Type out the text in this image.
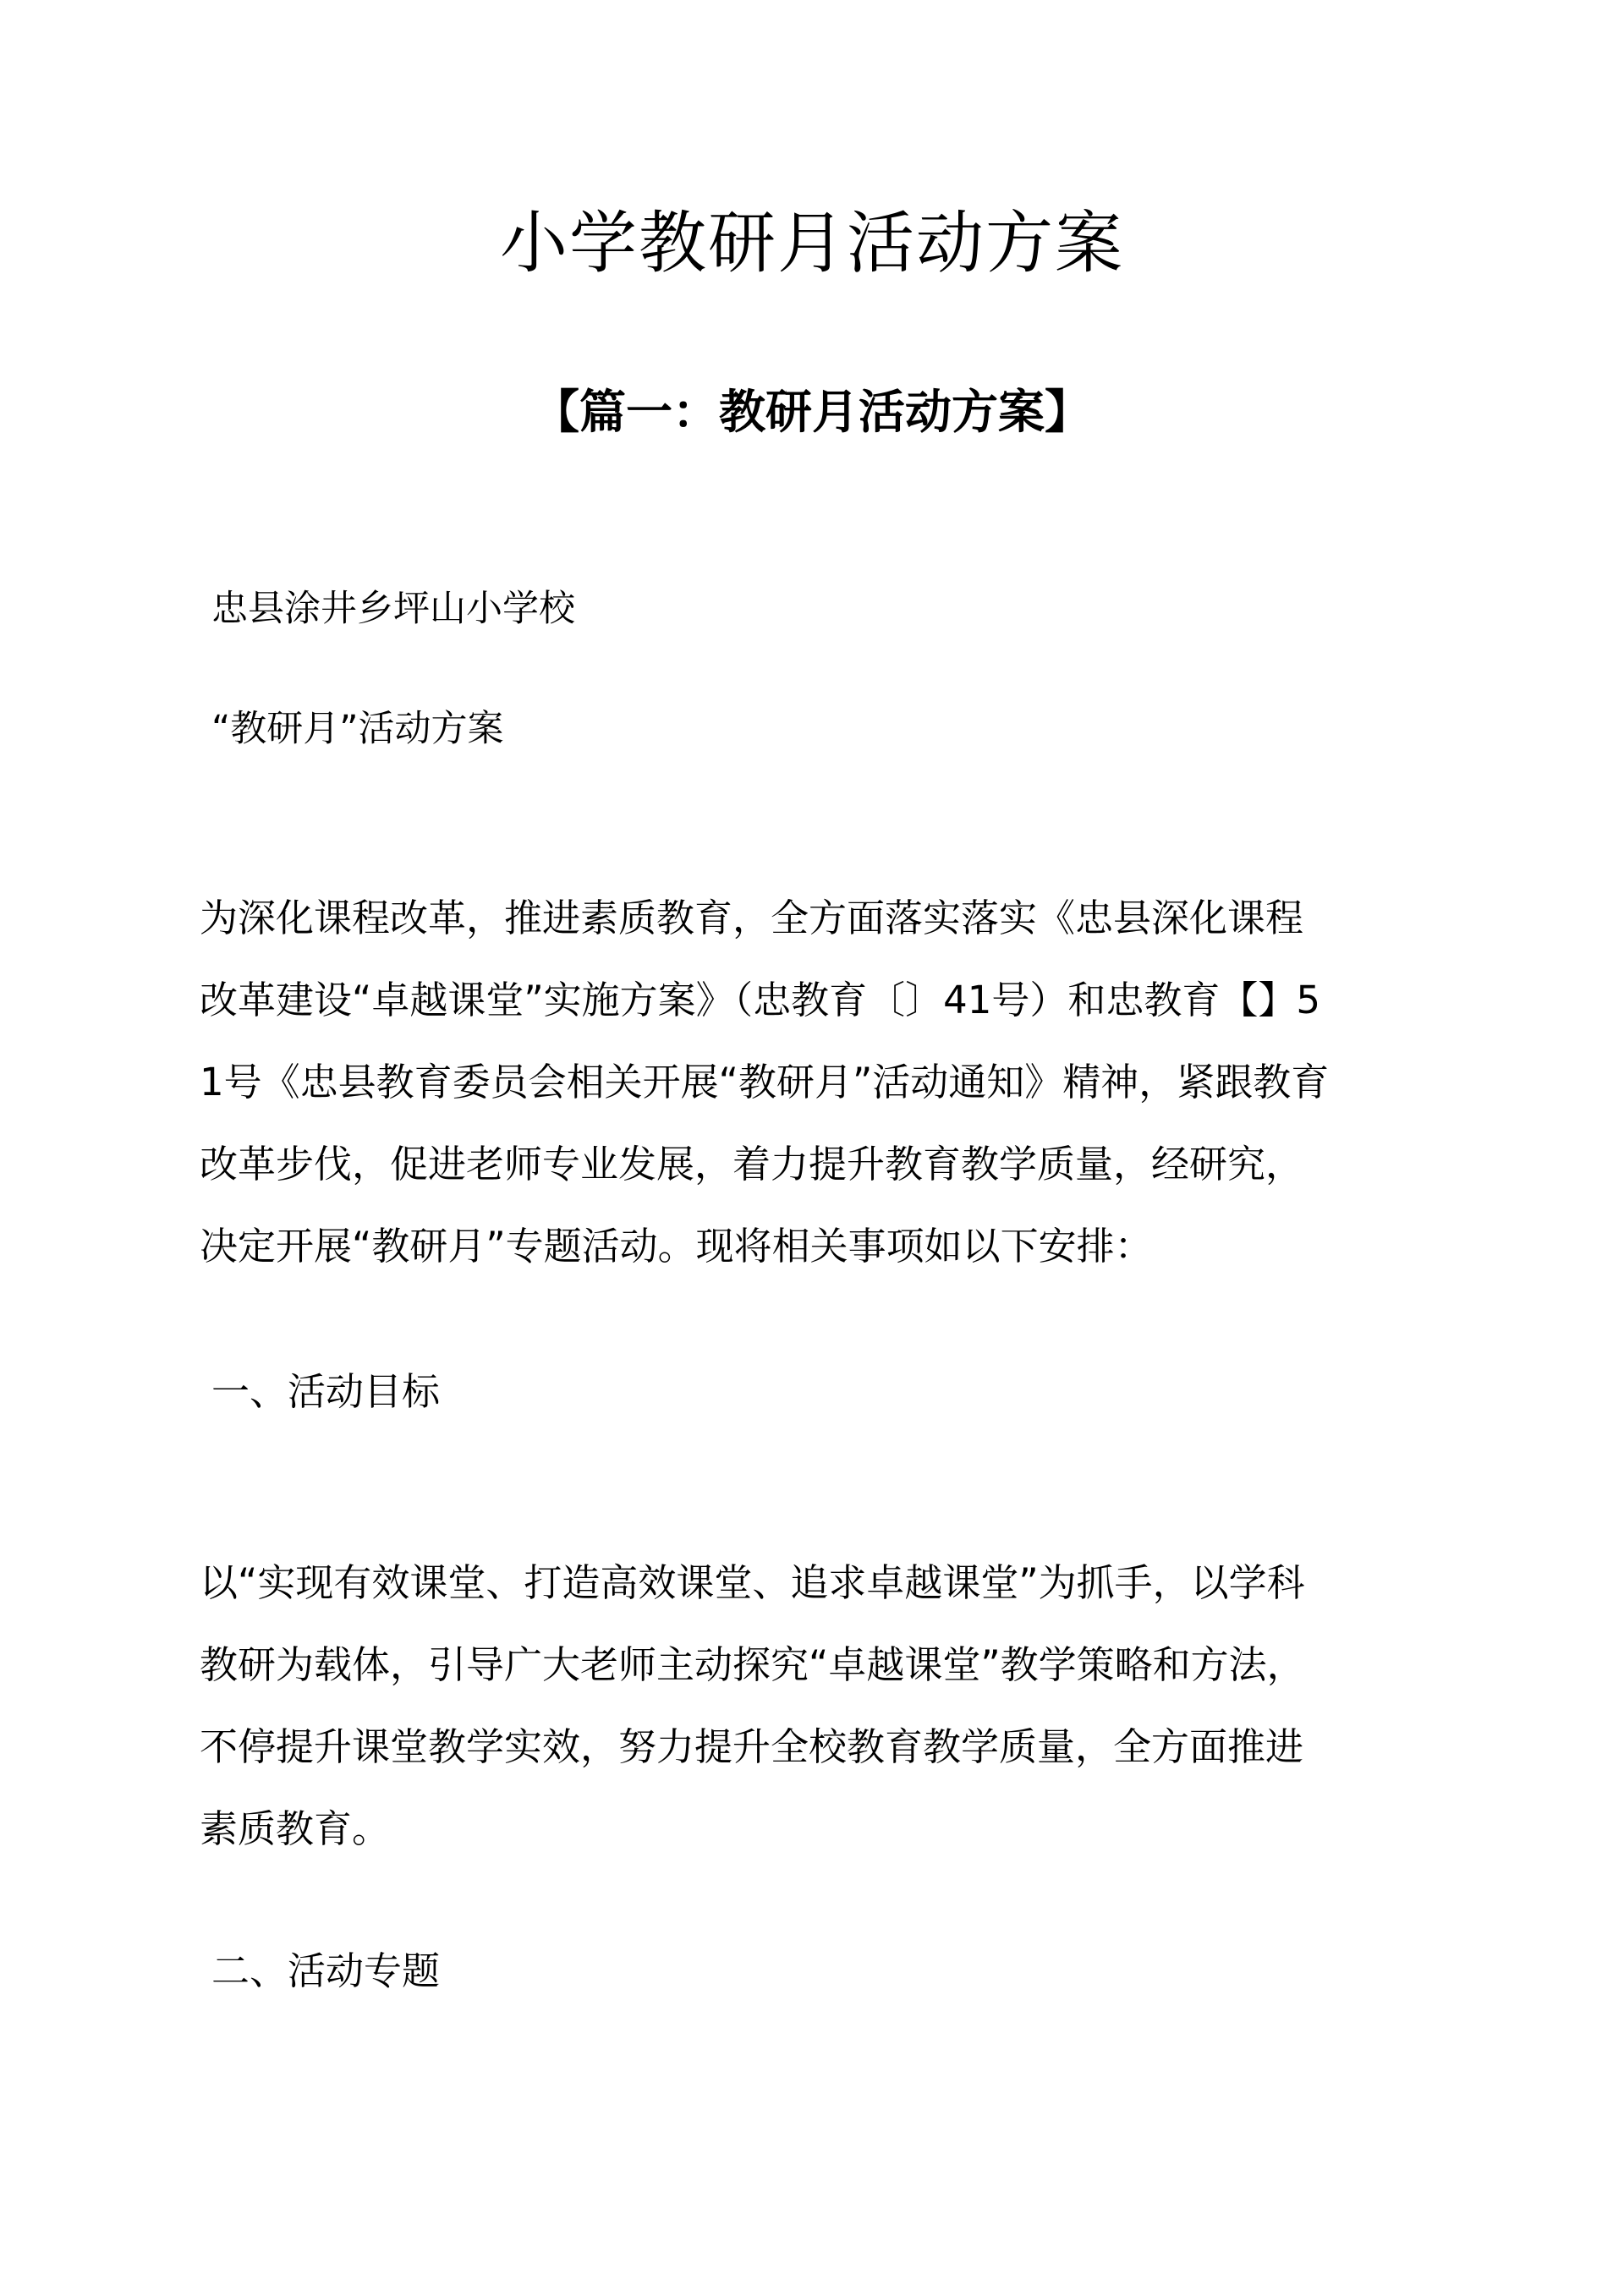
小学教研月活动方案
【篇一：教研月活动方案】

忠县涂井乡坪山小学校

“教研月”活动方案

为深化课程改革，推进素质教育，全方面落实落实《忠县深化课程
改革建设“卓越课堂”实施方案》（忠教育〔〕41号）和忠教育【】5
1号《忠县教育委员会相关开展“教研月”活动通知》精神，紧跟教育
改革步伐，促进老师专业发展，着力提升教育教学质量，经研究，
决定开展“教研月”专题活动。现将相关事项如以下安排：

一、活动目标

以“实现有效课堂、打造高效课堂、追求卓越课堂”为抓手，以学科
教研为载体，引导广大老师主动探究“卓越课堂”教学策略和方法，
不停提升课堂教学实效，努力提升全校教育教学质量，全方面推进
素质教育。

二、活动专题
